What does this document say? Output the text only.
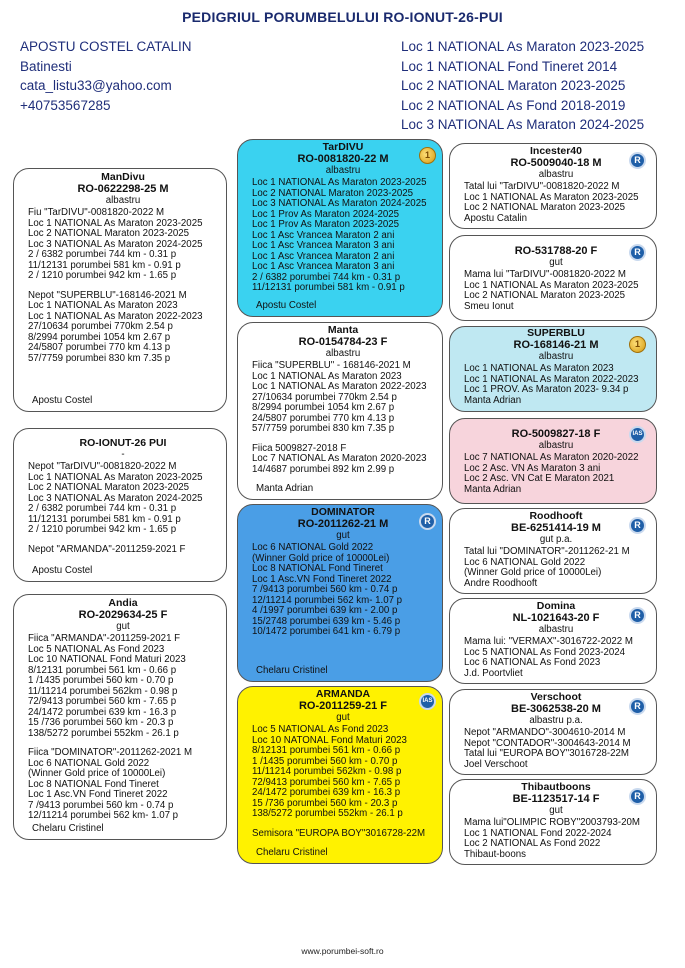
PEDIGRIUL PORUMBELULUI RO-IONUT-26-PUI
APOSTU COSTEL CATALIN
Batinesti
cata_listu33@yahoo.com
+40753567285
Loc 1 NATIONAL As Maraton 2023-2025
Loc 1 NATIONAL Fond Tineret 2014
Loc 2 NATIONAL Maraton 2023-2025
Loc 2 NATIONAL As Fond 2018-2019
Loc 3 NATIONAL As Maraton 2024-2025
ManDivu
RO-0622298-25 M
albastru
Fiu "TarDIVU"-0081820-2022 M
Loc 1 NATIONAL As Maraton 2023-2025
Loc 2 NATIONAL Maraton 2023-2025
Loc 3 NATIONAL As Maraton 2024-2025
2 / 6382 porumbei 744 km - 0.31 p
11/12131 porumbei 581 km - 0.91 p
2 / 1210 porumbei 942 km - 1.65 p
Nepot "SUPERBLU"-168146-2021 M
Loc 1 NATIONAL As Maraton 2023
Loc 1 NATIONAL As Maraton 2022-2023
27/10634 porumbei 770km 2.54 p
8/2994 porumbei 1054 km 2.67 p
24/5807 porumbei 770 km 4.13 p
57/7759 porumbei 830 km 7.35 p
Apostu Costel
RO-IONUT-26 PUI
-
Nepot "TarDIVU"-0081820-2022 M
Loc 1 NATIONAL As Maraton 2023-2025
Loc 2 NATIONAL Maraton 2023-2025
Loc 3 NATIONAL As Maraton 2024-2025
2 / 6382 porumbei 744 km - 0.31 p
11/12131 porumbei 581 km - 0.91 p
2 / 1210 porumbei 942 km - 1.65 p
Nepot "ARMANDA"-2011259-2021 F
Apostu Costel
Andia
RO-2029634-25 F
gut
Fiica "ARMANDA"-2011259-2021 F
Loc 5 NATIONAL As Fond 2023
Loc 10 NATIONAL Fond Maturi 2023
8/12131 porumbei 561 km - 0.66 p
1 /1435 porumbei 560 km - 0.70 p
11/11214 porumbei 562km - 0.98 p
72/9413 porumbei 560 km - 7.65 p
24/1472 porumbei 639 km - 16.3 p
15 /736 porumbei 560 km - 20.3 p
138/5272 porumbei 552km - 26.1 p
Fiica "DOMINATOR"-2011262-2021 M
Loc 6 NATIONAL Gold 2022
(Winner Gold price of 10000Lei)
Loc 8 NATIONAL Fond Tineret
Loc 1 Asc.VN Fond Tineret 2022
7 /9413 porumbei 560 km - 0.74 p
12/11214 porumbei 562 km- 1.07 p
Chelaru Cristinel
TarDIVU
RO-0081820-22 M
albastru
Loc 1 NATIONAL As Maraton 2023-2025
Loc 2 NATIONAL Maraton 2023-2025
Loc 3 NATIONAL As Maraton 2024-2025
Loc 1 Prov As Maraton 2024-2025
Loc 1 Prov As Maraton 2023-2025
Loc 1 Asc Vrancea Maraton 2 ani
Loc 1 Asc Vrancea Maraton 3 ani
Loc 1 Asc Vrancea Maraton 2 ani
Loc 1 Asc Vrancea Maraton 3 ani
2 / 6382 porumbei 744 km - 0.31 p
11/12131 porumbei 581 km - 0.91 p
Apostu Costel
Manta
RO-0154784-23 F
albastru
Fiica "SUPERBLU" - 168146-2021 M
Loc 1 NATIONAL As Maraton 2023
Loc 1 NATIONAL As Maraton 2022-2023
27/10634 porumbei 770km 2.54 p
8/2994 porumbei 1054 km 2.67 p
24/5807 porumbei 770 km 4.13 p
57/7759 porumbei 830 km 7.35 p
Fiica 5009827-2018 F
Loc 7 NATIONAL As Maraton 2020-2023
14/4687 porumbei 892 km 2.99 p
Manta Adrian
DOMINATOR
RO-2011262-21 M
gut
Loc 6 NATIONAL Gold 2022
(Winner Gold price of 10000Lei)
Loc 8 NATIONAL Fond Tineret
Loc 1 Asc.VN Fond Tineret 2022
7 /9413 porumbei 560 km - 0.74 p
12/11214 porumbei 562 km- 1.07 p
4 /1997 porumbei 639 km - 2.00 p
15/2748 porumbei 639 km - 5.46 p
10/1472 porumbei 641 km - 6.79 p
Chelaru Cristinel
ARMANDA
RO-2011259-21 F
gut
Loc 5 NATIONAL As Fond 2023
Loc 10 NATONAL Fond Maturi 2023
8/12131 porumbei 561 km - 0.66 p
1 /1435 porumbei 560 km - 0.70 p
11/11214 porumbei 562km - 0.98 p
72/9413 porumbei 560 km - 7.65 p
24/1472 porumbei 639 km - 16.3 p
15 /736 porumbei 560 km - 20.3 p
138/5272 porumbei 552km - 26.1 p
Semisora "EUROPA BOY"3016728-22M
Chelaru Cristinel
Incester40
RO-5009040-18 M
albastru
Tatal lui "TarDIVU"-0081820-2022 M
Loc 1 NATIONAL As Maraton 2023-2025
Loc 2 NATIONAL Maraton 2023-2025
Apostu Catalin
RO-531788-20 F
gut
Mama lui "TarDIVU"-0081820-2022 M
Loc 1 NATIONAL As Maraton 2023-2025
Loc 2 NATIONAL Maraton 2023-2025
Smeu Ionut
SUPERBLU
RO-168146-21 M
albastru
Loc 1 NATIONAL As Maraton 2023
Loc 1 NATIONAL As Maraton 2022-2023
Loc 1 PROV. As Maraton 2023- 9.34 p
Manta Adrian
RO-5009827-18 F
albastru
Loc 7 NATIONAL As Maraton 2020-2022
Loc 2 Asc. VN As Maraton 3 ani
Loc 2 Asc. VN Cat E Maraton 2021
Manta Adrian
Roodhooft
BE-6251414-19 M
gut p.a.
Tatal lui "DOMINATOR"-2011262-21 M
Loc 6 NATIONAL Gold 2022
(Winner Gold price of 10000Lei)
Andre Roodhooft
Domina
NL-1021643-20 F
albastru
Mama lui: "VERMAX"-3016722-2022 M
Loc 5 NATIONAL As Fond 2023-2024
Loc 6 NATIONAL As Fond 2023
J.d. Poortvliet
Verschoot
BE-3062538-20 M
albastru p.a.
Nepot "ARMANDO"-3004610-2014 M
Nepot "CONTADOR"-3004643-2014 M
Tatal lui "EUROPA BOY"3016728-22M
Joel Verschoot
Thibautboons
BE-1123517-14 F
gut
Mama lui"OLIMPIC ROBY"2003793-20M
Loc 1 NATIONAL Fond 2022-2024
Loc 2 NATIONAL As Fond 2022
Thibaut-boons
1
R
IAS
R
R
1
IAS
R
R
R
R
www.porumbei-soft.ro
